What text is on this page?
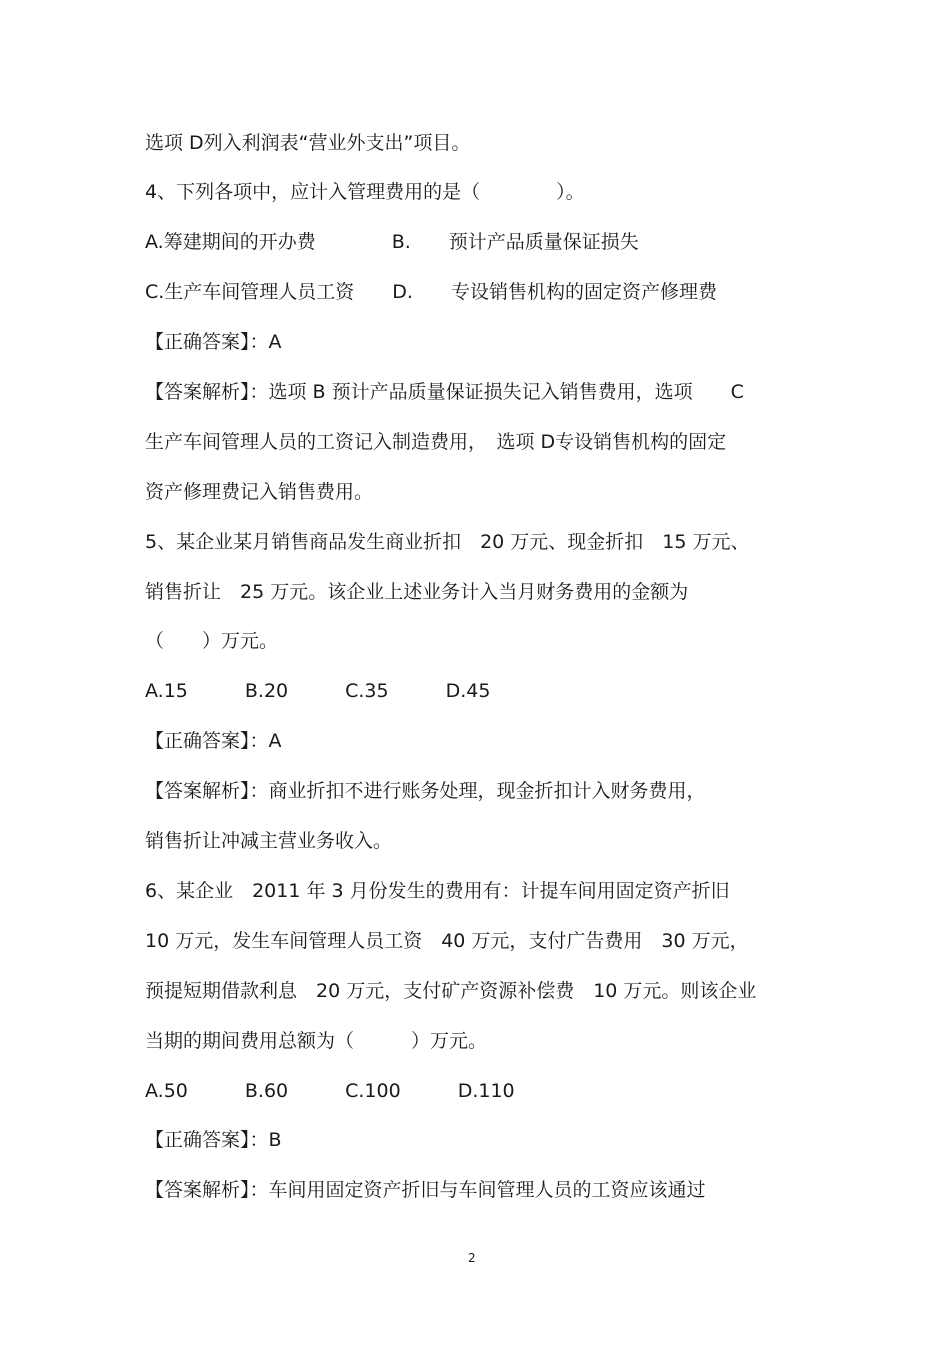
选项 D列入利润表“营业外支出”项目。

4、下列各项中，应计入管理费用的是（　　　　）。

A.筹建期间的开办费　　　　B.　　预计产品质量保证损失

C.生产车间管理人员工资　　D.　　专设销售机构的固定资产修理费

【正确答案】：A

【答案解析】：选项 B 预计产品质量保证损失记入销售费用，选项　　C

生产车间管理人员的工资记入制造费用，　选项 D专设销售机构的固定

资产修理费记入销售费用。

5、某企业某月销售商品发生商业折扣　20 万元、现金折扣　15 万元、

销售折让　25 万元。该企业上述业务计入当月财务费用的金额为

（　　）万元。

A.15　　　B.20　　　C.35　　　D.45

【正确答案】：A

【答案解析】：商业折扣不进行账务处理，现金折扣计入财务费用，

销售折让冲减主营业务收入。

6、某企业　2011 年 3 月份发生的费用有：计提车间用固定资产折旧

10 万元，发生车间管理人员工资　40 万元，支付广告费用　30 万元，

预提短期借款利息　20 万元，支付矿产资源补偿费　10 万元。则该企业

当期的期间费用总额为（　　　）万元。

A.50　　　B.60　　　C.100　　　D.110

【正确答案】：B

【答案解析】：车间用固定资产折旧与车间管理人员的工资应该通过

2
